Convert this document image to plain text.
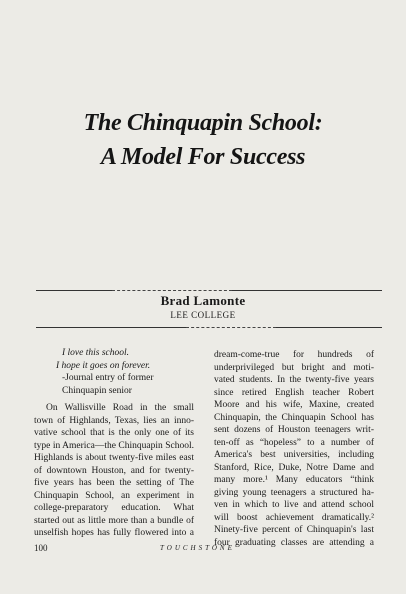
The Chinquapin School:
A Model For Success
Brad Lamonte
LEE COLLEGE
I love this school.
I hope it goes on forever.
-Journal entry of former
Chinquapin senior
On Wallisville Road in the small
town of Highlands, Texas, lies an inno-
vative school that is the only one of its
type in America—the Chinquapin School.
Highlands is about twenty-five miles east
of downtown Houston, and for twenty-
five years has been the setting of The
Chinquapin School, an experiment in
college-preparatory education. What
started out as little more than a bundle of
unselfish hopes has fully flowered into a
dream-come-true for hundreds of
underprivileged but bright and moti-
vated students. In the twenty-five years
since retired English teacher Robert
Moore and his wife, Maxine, created
Chinquapin, the Chinquapin School has
sent dozens of Houston teenagers writ-
ten-off as “hopeless” to a number of
America's best universities, including
Stanford, Rice, Duke, Notre Dame and
many more.¹ Many educators “think
giving young teenagers a structured ha-
ven in which to live and attend school
will boost achievement dramatically.²
Ninety-five percent of Chinquapin's last
four graduating classes are attending a
100	TOUCHSTONE
